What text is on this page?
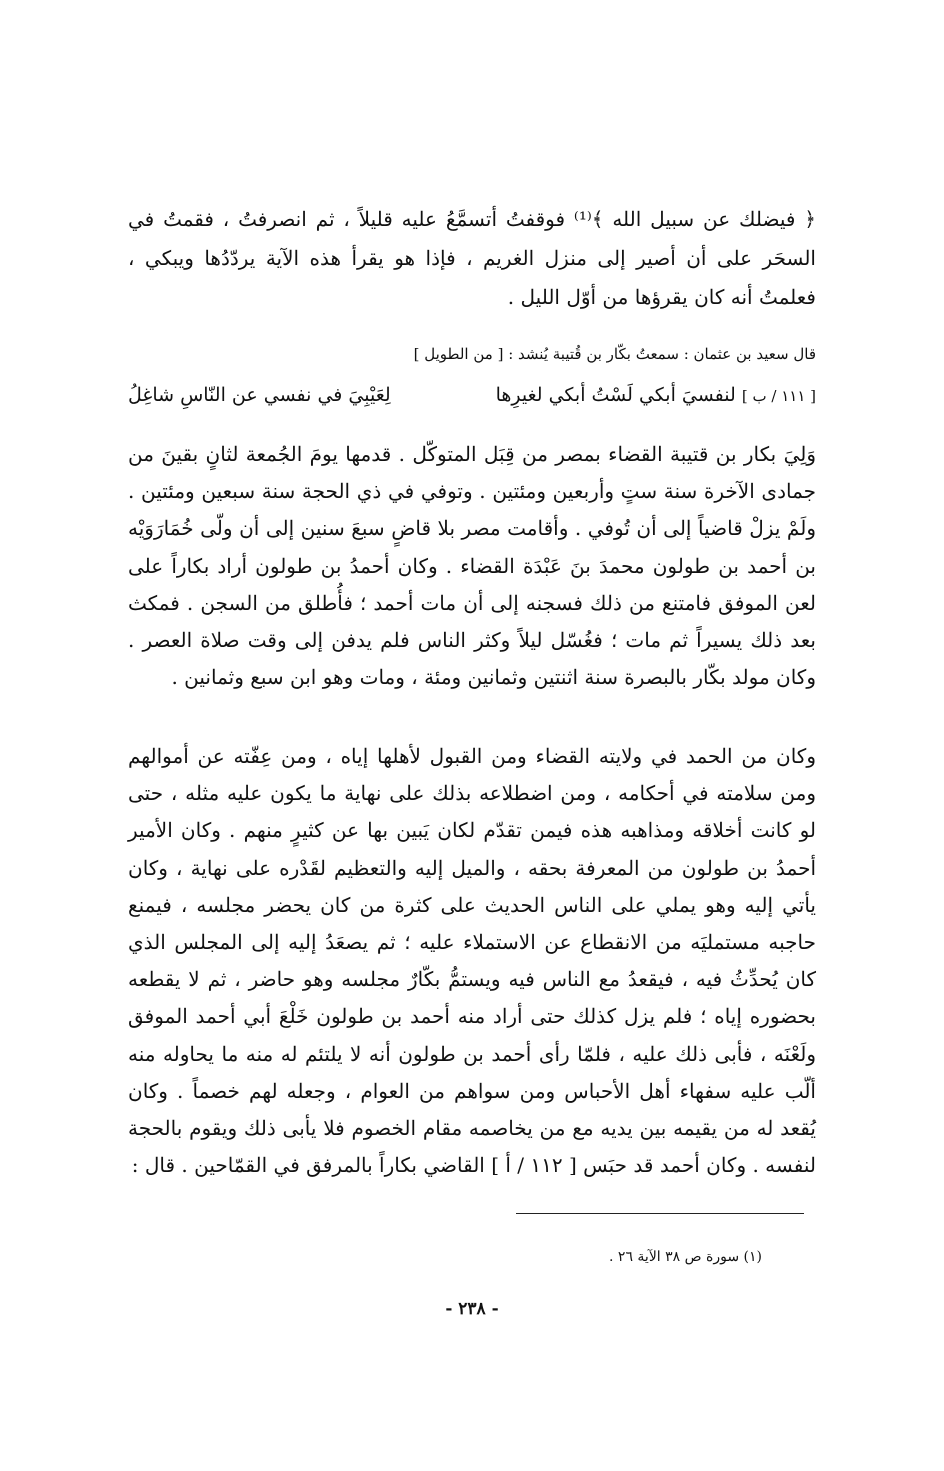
﴿ فيضلك عن سبيل الله ﴾⁽¹⁾ فوقفتُ أتسمَّعُ عليه قليلاً ، ثم انصرفتُ ، فقمتُ في السحَر على أن أصير إلى منزل الغريم ، فإذا هو يقرأ هذه الآية يردّدُها ويبكي ، فعلمتُ أنه كان يقرؤها من أوّل الليل .

قال سعيد بن عثمان : سمعتُ بكّار بن قُتيبة يُنشد : [ من الطويل ]
[ ١١١ / ب ] لنفسيَ أبكي لَسْتُ أبكي لغيرِها
لِعَيْبِيَ في نفسي عن النّاسِ شاغِلُ

وَلِيَ بكار بن قتيبة القضاء بمصر من قِبَل المتوكّل . قدمها يومَ الجُمعة لثانٍ بقينَ من جمادى الآخرة سنة ستٍ وأربعين ومئتين . وتوفي في ذي الحجة سنة سبعين ومئتين . ولَمْ يزلْ قاضياً إلى أن تُوفي . وأقامت مصر بلا قاضٍ سبعَ سنين إلى أن ولّى خُمَارَوَيْه بن أحمد بن طولون محمدَ بنَ عَبْدَة القضاء . وكان أحمدُ بن طولون أراد بكاراً على لعن الموفق فامتنع من ذلك فسجنه إلى أن مات أحمد ؛ فأُطلق من السجن . فمكث بعد ذلك يسيراً ثم مات ؛ فغُسّل ليلاً وكثر الناس فلم يدفن إلى وقت صلاة العصر . وكان مولد بكّار بالبصرة سنة اثنتين وثمانين ومئة ، ومات وهو ابن سبع وثمانين .

وكان من الحمد في ولايته القضاء ومن القبول لأهلها إياه ، ومن عِفّته عن أموالهم ومن سلامته في أحكامه ، ومن اضطلاعه بذلك على نهاية ما يكون عليه مثله ، حتى لو كانت أخلاقه ومذاهبه هذه فيمن تقدّم لكان يَبين بها عن كثيرٍ منهم . وكان الأمير أحمدُ بن طولون من المعرفة بحقه ، والميل إليه والتعظيم لقَدْره على نهاية ، وكان يأتي إليه وهو يملي على الناس الحديث على كثرة من كان يحضر مجلسه ، فيمنع حاجبه مستمليَه من الانقطاع عن الاستملاء عليه ؛ ثم يصعَدُ إليه إلى المجلس الذي كان يُحدِّثُ فيه ، فيقعدُ مع الناس فيه ويستمُّ بكّارٌ مجلسه وهو حاضر ، ثم لا يقطعه بحضوره إياه ؛ فلم يزل كذلك حتى أراد منه أحمد بن طولون خَلْعَ أبي أحمد الموفق ولَعْنَه ، فأبى ذلك عليه ، فلمّا رأى أحمد بن طولون أنه لا يلتئم له منه ما يحاوله منه ألّب عليه سفهاء أهل الأحباس ومن سواهم من العوام ، وجعله لهم خصماً . وكان يُقعد له من يقيمه بين يديه مع من يخاصمه مقام الخصوم فلا يأبى ذلك ويقوم بالحجة لنفسه . وكان أحمد قد حبَس [ ١١٢ / أ ] القاضي بكاراً بالمرفق في القمّاحين . قال :

(١) سورة ص ٣٨ الآية ٢٦ .
- ٢٣٨ -
